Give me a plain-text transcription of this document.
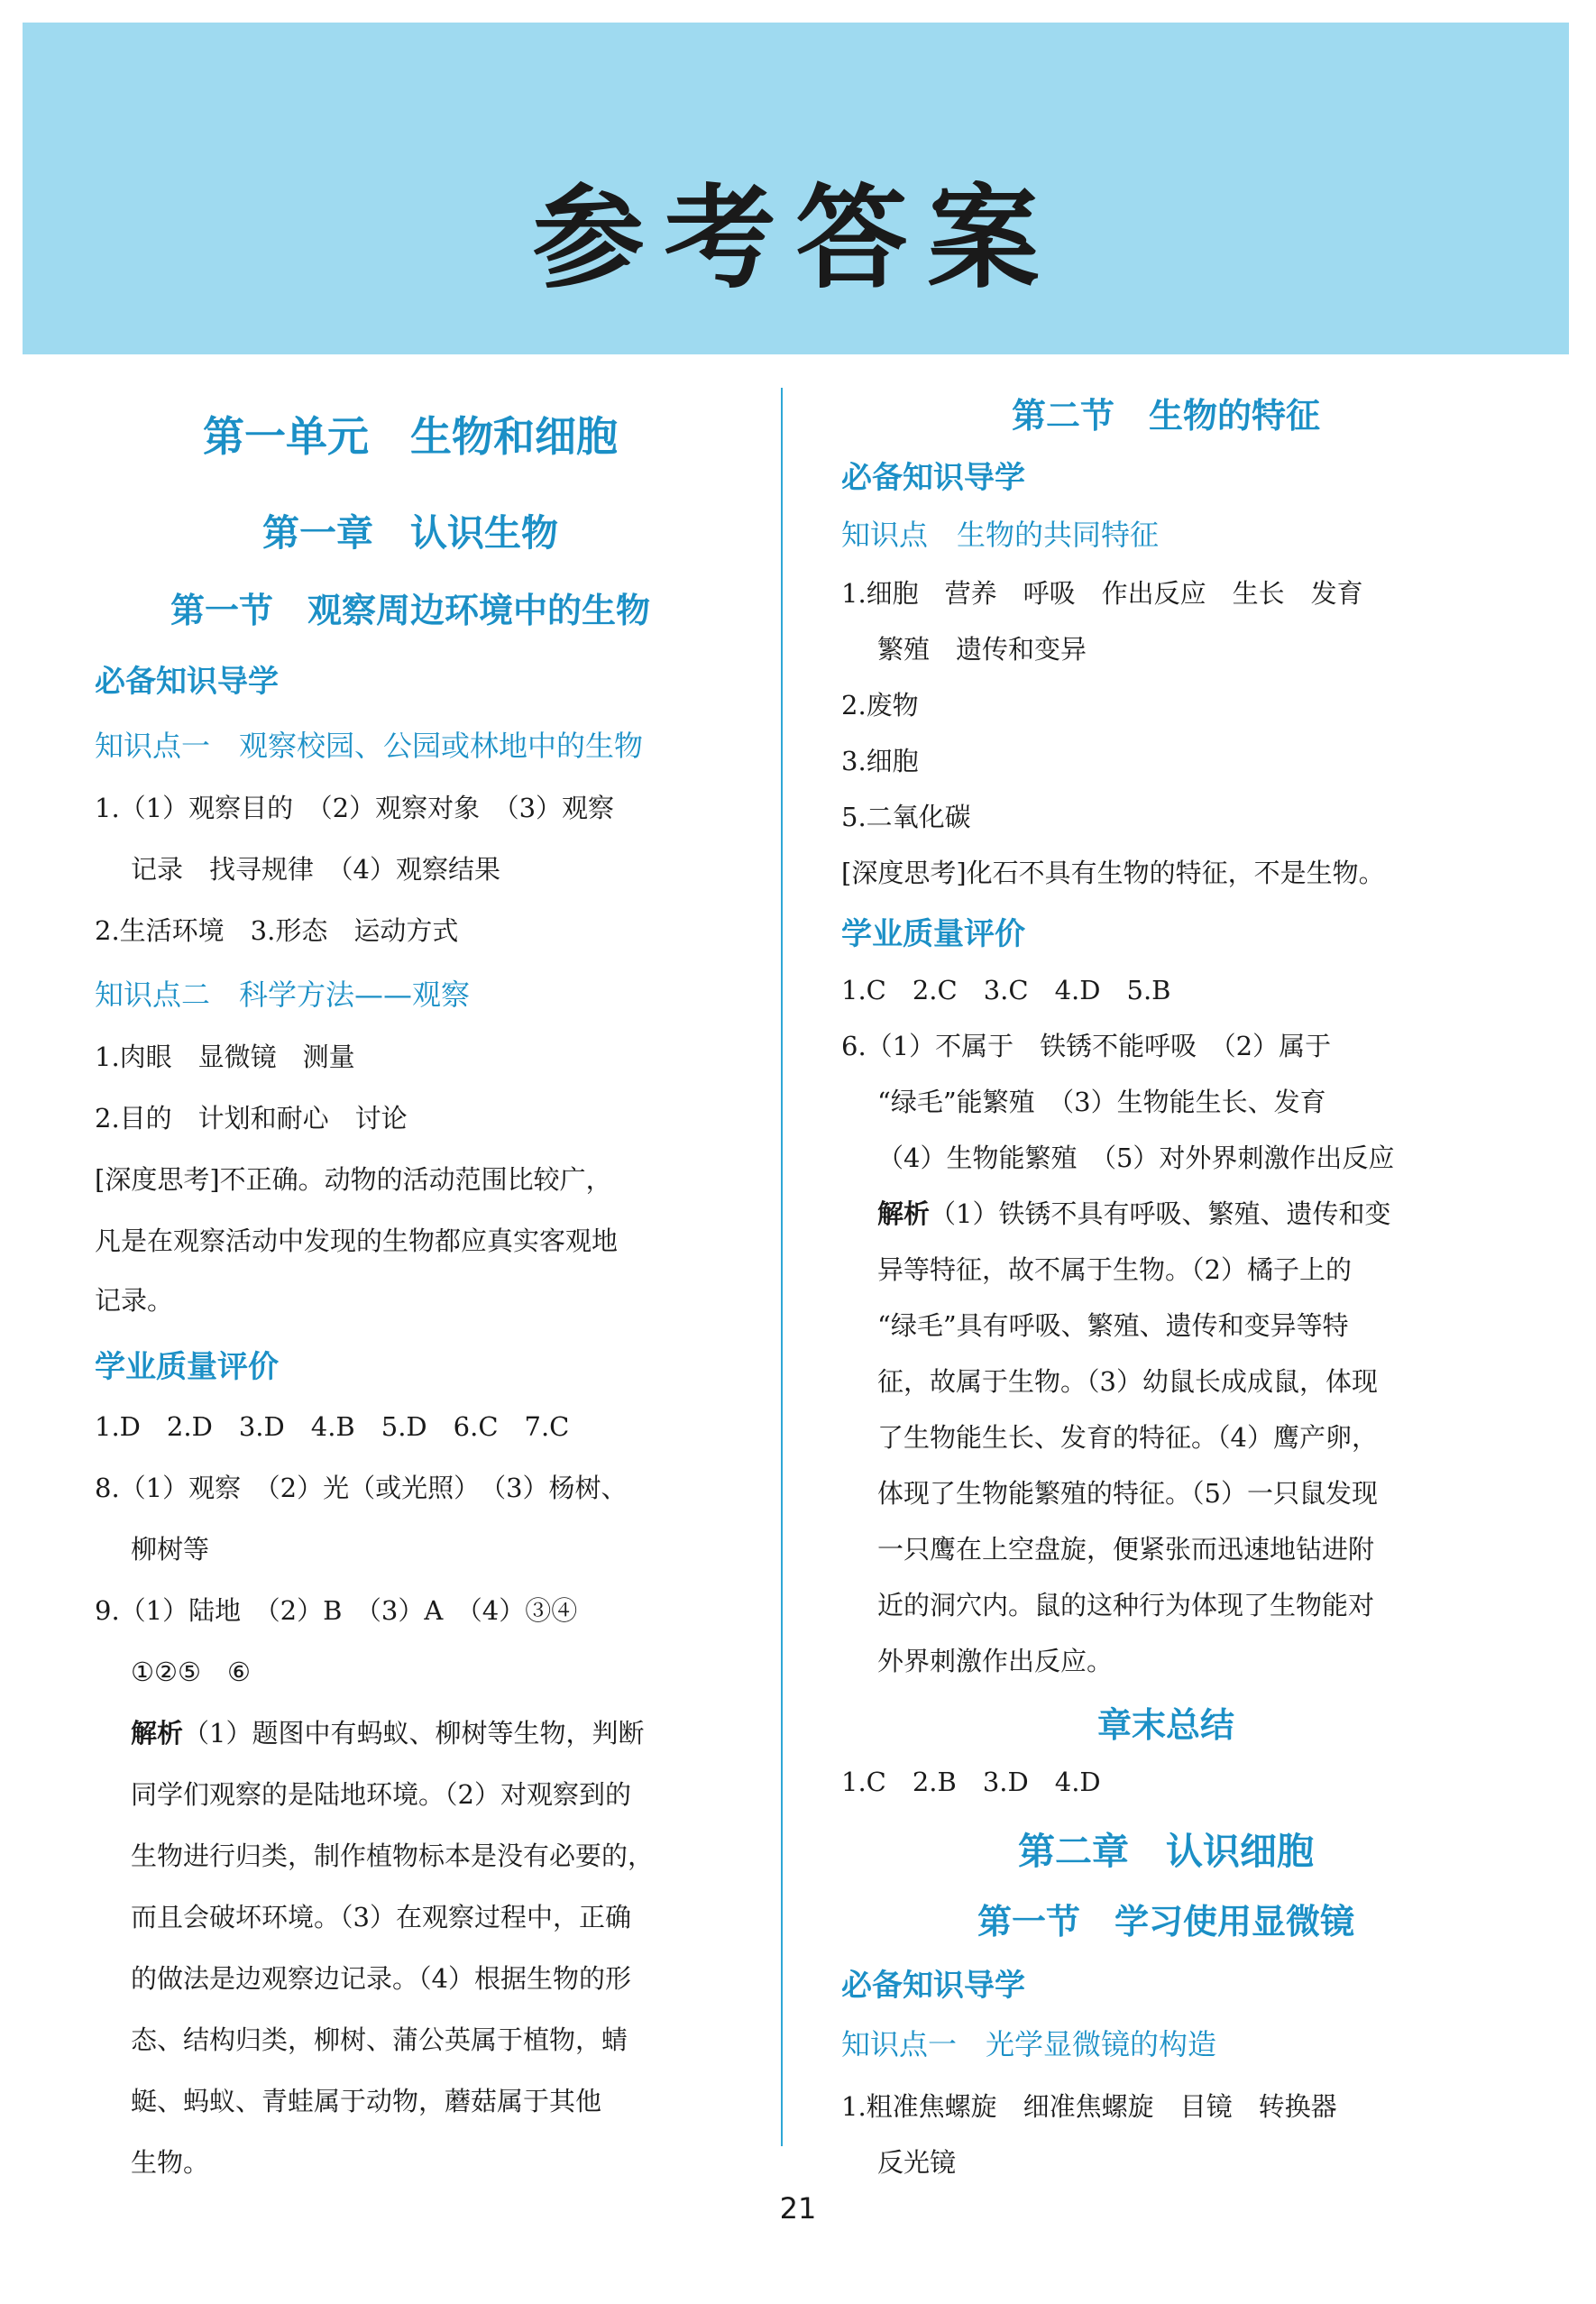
参考答案
第一单元　生物和细胞
第一章　认识生物
第一节　观察周边环境中的生物
必备知识导学
知识点一　观察校园、公园或林地中的生物
1.（1）观察目的　（2）观察对象　（3）观察
记录　找寻规律　（4）观察结果
2.生活环境　3.形态　运动方式
知识点二　科学方法——观察
1.肉眼　显微镜　测量
2.目的　计划和耐心　讨论
[深度思考]不正确。动物的活动范围比较广，
凡是在观察活动中发现的生物都应真实客观地
记录。
学业质量评价
1.D　2.D　3.D　4.B　5.D　6.C　7.C
8.（1）观察　（2）光（或光照）　（3）杨树、
柳树等
9.（1）陆地　（2）B　（3）A　（4）③④
①②⑤　⑥
解析（1）题图中有蚂蚁、柳树等生物，判断
同学们观察的是陆地环境。（2）对观察到的
生物进行归类，制作植物标本是没有必要的，
而且会破坏环境。（3）在观察过程中，正确
的做法是边观察边记录。（4）根据生物的形
态、结构归类，柳树、蒲公英属于植物，蜻
蜓、蚂蚁、青蛙属于动物，蘑菇属于其他
生物。
第二节　生物的特征
必备知识导学
知识点　生物的共同特征
1.细胞　营养　呼吸　作出反应　生长　发育
繁殖　遗传和变异
2.废物
3.细胞
5.二氧化碳
[深度思考]化石不具有生物的特征，不是生物。
学业质量评价
1.C　2.C　3.C　4.D　5.B
6.（1）不属于　铁锈不能呼吸　（2）属于
“绿毛”能繁殖　（3）生物能生长、发育
（4）生物能繁殖　（5）对外界刺激作出反应
解析（1）铁锈不具有呼吸、繁殖、遗传和变
异等特征，故不属于生物。（2）橘子上的
“绿毛”具有呼吸、繁殖、遗传和变异等特
征，故属于生物。（3）幼鼠长成成鼠，体现
了生物能生长、发育的特征。（4）鹰产卵，
体现了生物能繁殖的特征。（5）一只鼠发现
一只鹰在上空盘旋，便紧张而迅速地钻进附
近的洞穴内。鼠的这种行为体现了生物能对
外界刺激作出反应。
章末总结
1.C　2.B　3.D　4.D
第二章　认识细胞
第一节　学习使用显微镜
必备知识导学
知识点一　光学显微镜的构造
1.粗准焦螺旋　细准焦螺旋　目镜　转换器
反光镜
21
